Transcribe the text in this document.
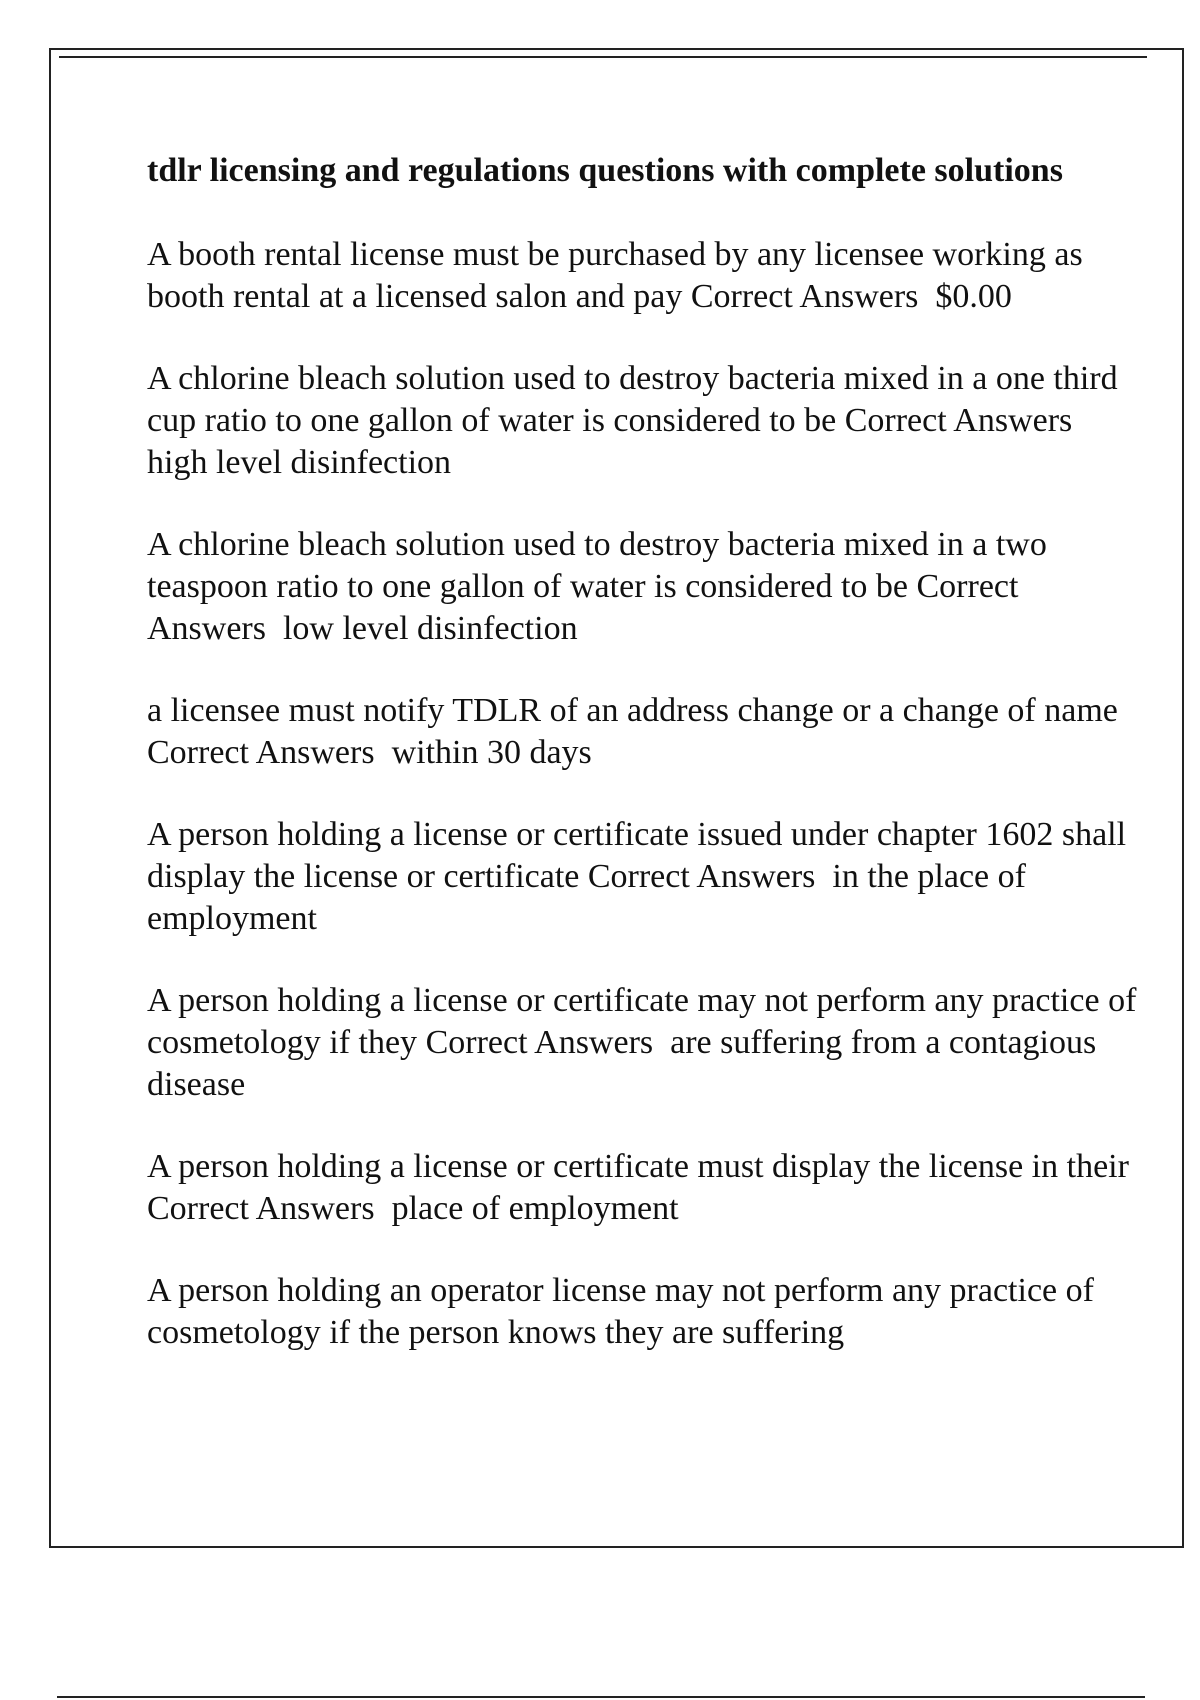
tdlr licensing and regulations questions with complete solutions
A booth rental license must be purchased by any licensee working as booth rental at a licensed salon and pay Correct Answers $0.00
A chlorine bleach solution used to destroy bacteria mixed in a one third cup ratio to one gallon of water is considered to be Correct Answers  high level disinfection
A chlorine bleach solution used to destroy bacteria mixed in a two teaspoon ratio to one gallon of water is considered to be Correct Answers low level disinfection
a licensee must notify TDLR of an address change or a change of name Correct Answers within 30 days
A person holding a license or certificate issued under chapter 1602 shall display the license or certificate Correct Answers in the place of employment
A person holding a license or certificate may not perform any practice of cosmetology if they Correct Answers are suffering from a contagious disease
A person holding a license or certificate must display the license in their Correct Answers place of employment
A person holding an operator license may not perform any practice of cosmetology if the person knows they are suffering
